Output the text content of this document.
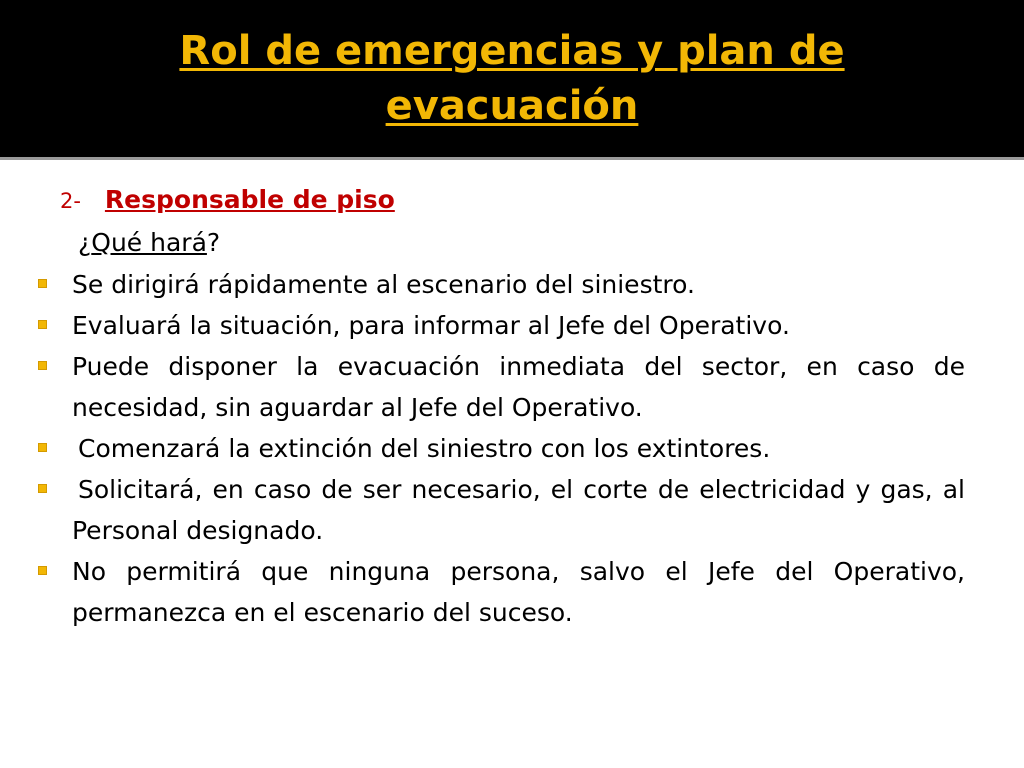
Rol de emergencias y plan de
evacuación
2- Responsable de piso
¿Qué hará?
Se dirigirá rápidamente al escenario del siniestro.
Evaluará la situación, para informar al Jefe del Operativo.
Puede disponer la evacuación inmediata del sector, en caso de necesidad, sin aguardar al Jefe del Operativo.
Comenzará la extinción del siniestro con los extintores.
Solicitará, en caso de ser necesario, el corte de electricidad y gas, al Personal designado.
No permitirá que ninguna persona, salvo el Jefe del Operativo, permanezca en el escenario del suceso.
